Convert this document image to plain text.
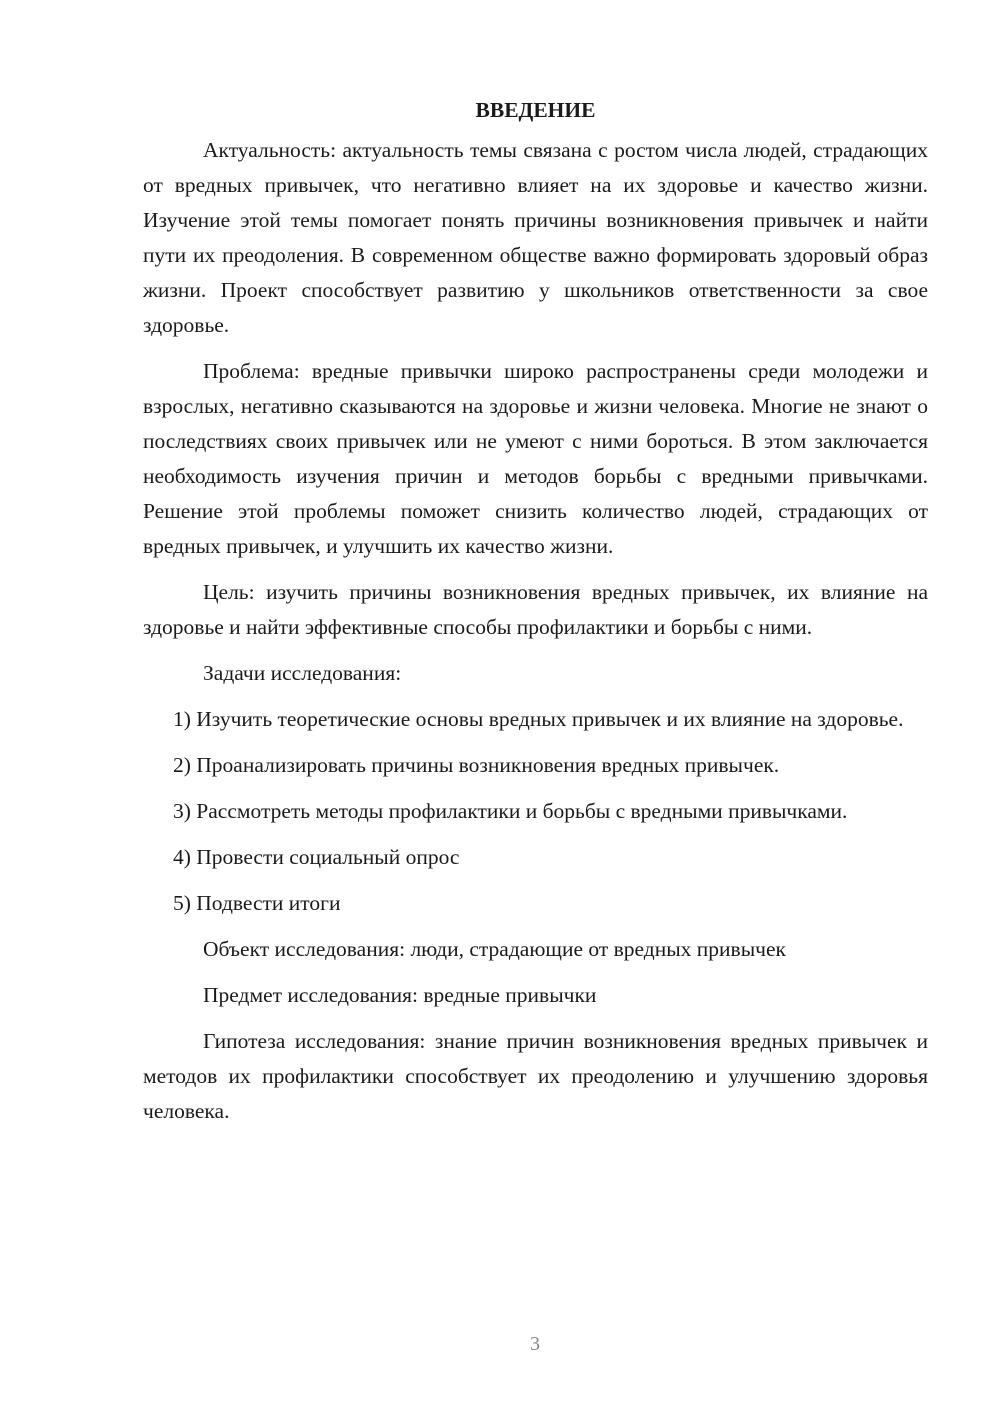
ВВЕДЕНИЕ

Актуальность: актуальность темы связана с ростом числа людей, страдающих от вредных привычек, что негативно влияет на их здоровье и качество жизни. Изучение этой темы помогает понять причины возникновения привычек и найти пути их преодоления. В современном обществе важно формировать здоровый образ жизни. Проект способствует развитию у школьников ответственности за свое здоровье.

Проблема: вредные привычки широко распространены среди молодежи и взрослых, негативно сказываются на здоровье и жизни человека. Многие не знают о последствиях своих привычек или не умеют с ними бороться. В этом заключается необходимость изучения причин и методов борьбы с вредными привычками. Решение этой проблемы поможет снизить количество людей, страдающих от вредных привычек, и улучшить их качество жизни.

Цель: изучить причины возникновения вредных привычек, их влияние на здоровье и найти эффективные способы профилактики и борьбы с ними.

Задачи исследования:

1) Изучить теоретические основы вредных привычек и их влияние на здоровье.

2) Проанализировать причины возникновения вредных привычек.

3) Рассмотреть методы профилактики и борьбы с вредными привычками.

4) Провести социальный опрос

5) Подвести итоги

Объект исследования: люди, страдающие от вредных привычек

Предмет исследования: вредные привычки

Гипотеза исследования: знание причин возникновения вредных привычек и методов их профилактики способствует их преодолению и улучшению здоровья человека.

3
